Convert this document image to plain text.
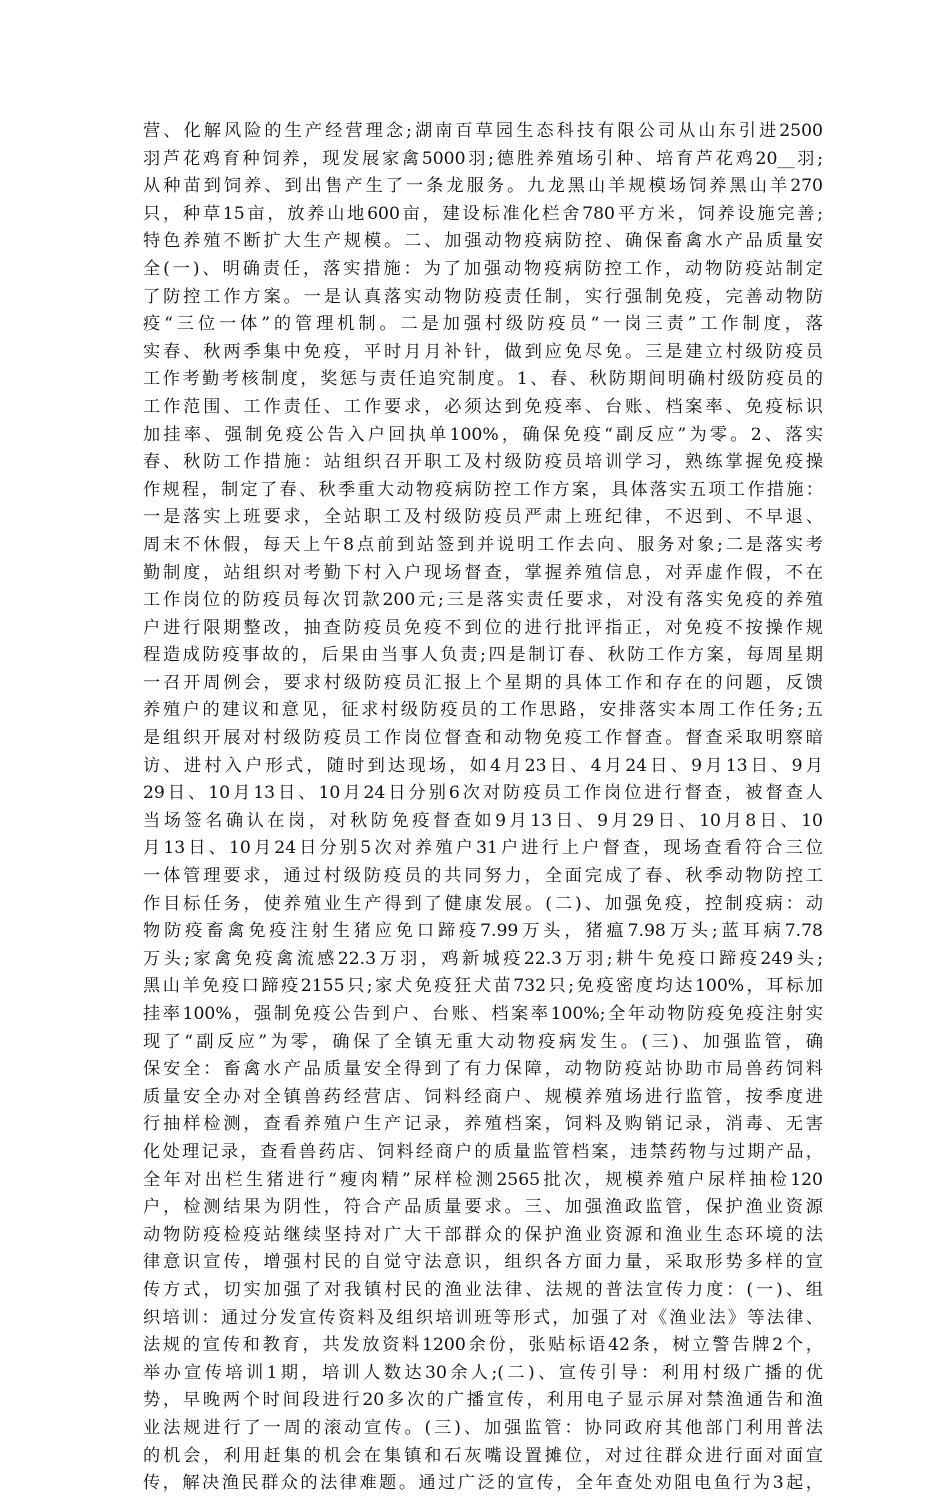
营、化解风险的生产经营理念;湖南百草园生态科技有限公司从山东引进2500
羽芦花鸡育种饲养，现发展家禽5000羽;德胜养殖场引种、培育芦花鸡20__羽;
从种苗到饲养、到出售产生了一条龙服务。九龙黑山羊规模场饲养黑山羊270
只，种草15亩，放养山地600亩，建设标准化栏舍780平方米，饲养设施完善;
特色养殖不断扩大生产规模。二、加强动物疫病防控、确保畜禽水产品质量安
全(一)、明确责任，落实措施：为了加强动物疫病防控工作，动物防疫站制定
了防控工作方案。一是认真落实动物防疫责任制，实行强制免疫，完善动物防
疫“三位一体”的管理机制。二是加强村级防疫员“一岗三责”工作制度，落
实春、秋两季集中免疫，平时月月补针，做到应免尽免。三是建立村级防疫员
工作考勤考核制度，奖惩与责任追究制度。1、春、秋防期间明确村级防疫员的
工作范围、工作责任、工作要求，必须达到免疫率、台账、档案率、免疫标识
加挂率、强制免疫公告入户回执单100%，确保免疫“副反应”为零。2、落实
春、秋防工作措施：站组织召开职工及村级防疫员培训学习，熟练掌握免疫操
作规程，制定了春、秋季重大动物疫病防控工作方案，具体落实五项工作措施：
一是落实上班要求，全站职工及村级防疫员严肃上班纪律，不迟到、不早退、
周末不休假，每天上午8点前到站签到并说明工作去向、服务对象;二是落实考
勤制度，站组织对考勤下村入户现场督查，掌握养殖信息，对弄虚作假，不在
工作岗位的防疫员每次罚款200元;三是落实责任要求，对没有落实免疫的养殖
户进行限期整改，抽查防疫员免疫不到位的进行批评指正，对免疫不按操作规
程造成防疫事故的，后果由当事人负责;四是制订春、秋防工作方案，每周星期
一召开周例会，要求村级防疫员汇报上个星期的具体工作和存在的问题，反馈
养殖户的建议和意见，征求村级防疫员的工作思路，安排落实本周工作任务;五
是组织开展对村级防疫员工作岗位督查和动物免疫工作督查。督查采取明察暗
访、进村入户形式，随时到达现场，如4月23日、4月24日、9月13日、9月
29日、10月13日、10月24日分别6次对防疫员工作岗位进行督查，被督查人
当场签名确认在岗，对秋防免疫督查如9月13日、9月29日、10月8日、10
月13日、10月24日分别5次对养殖户31户进行上户督查，现场查看符合三位
一体管理要求，通过村级防疫员的共同努力，全面完成了春、秋季动物防控工
作目标任务，使养殖业生产得到了健康发展。(二)、加强免疫，控制疫病：动
物防疫畜禽免疫注射生猪应免口蹄疫7.99万头，猪瘟7.98万头;蓝耳病7.78
万头;家禽免疫禽流感22.3万羽，鸡新城疫22.3万羽;耕牛免疫口蹄疫249头;
黑山羊免疫口蹄疫2155只;家犬免疫狂犬苗732只;免疫密度均达100%，耳标加
挂率100%，强制免疫公告到户、台账、档案率100%;全年动物防疫免疫注射实
现了“副反应”为零，确保了全镇无重大动物疫病发生。(三)、加强监管，确
保安全：畜禽水产品质量安全得到了有力保障，动物防疫站协助市局兽药饲料
质量安全办对全镇兽药经营店、饲料经商户、规模养殖场进行监管，按季度进
行抽样检测，查看养殖户生产记录，养殖档案，饲料及购销记录，消毒、无害
化处理记录，查看兽药店、饲料经商户的质量监管档案，违禁药物与过期产品，
全年对出栏生猪进行“瘦肉精”尿样检测2565批次，规模养殖户尿样抽检120
户，检测结果为阴性，符合产品质量要求。三、加强渔政监管，保护渔业资源
动物防疫检疫站继续坚持对广大干部群众的保护渔业资源和渔业生态环境的法
律意识宣传，增强村民的自觉守法意识，组织各方面力量，采取形势多样的宣
传方式，切实加强了对我镇村民的渔业法律、法规的普法宣传力度：(一)、组
织培训：通过分发宣传资料及组织培训班等形式，加强了对《渔业法》等法律、
法规的宣传和教育，共发放资料1200余份，张贴标语42条，树立警告牌2个，
举办宣传培训1期，培训人数达30余人;(二)、宣传引导：利用村级广播的优
势，早晚两个时间段进行20多次的广播宣传，利用电子显示屏对禁渔通告和渔
业法规进行了一周的滚动宣传。(三)、加强监管：协同政府其他部门利用普法
的机会，利用赶集的机会在集镇和石灰嘴设置摊位，对过往群众进行面对面宣
传，解决渔民群众的法律难题。通过广泛的宣传，全年查处劝阻电鱼行为3起，
